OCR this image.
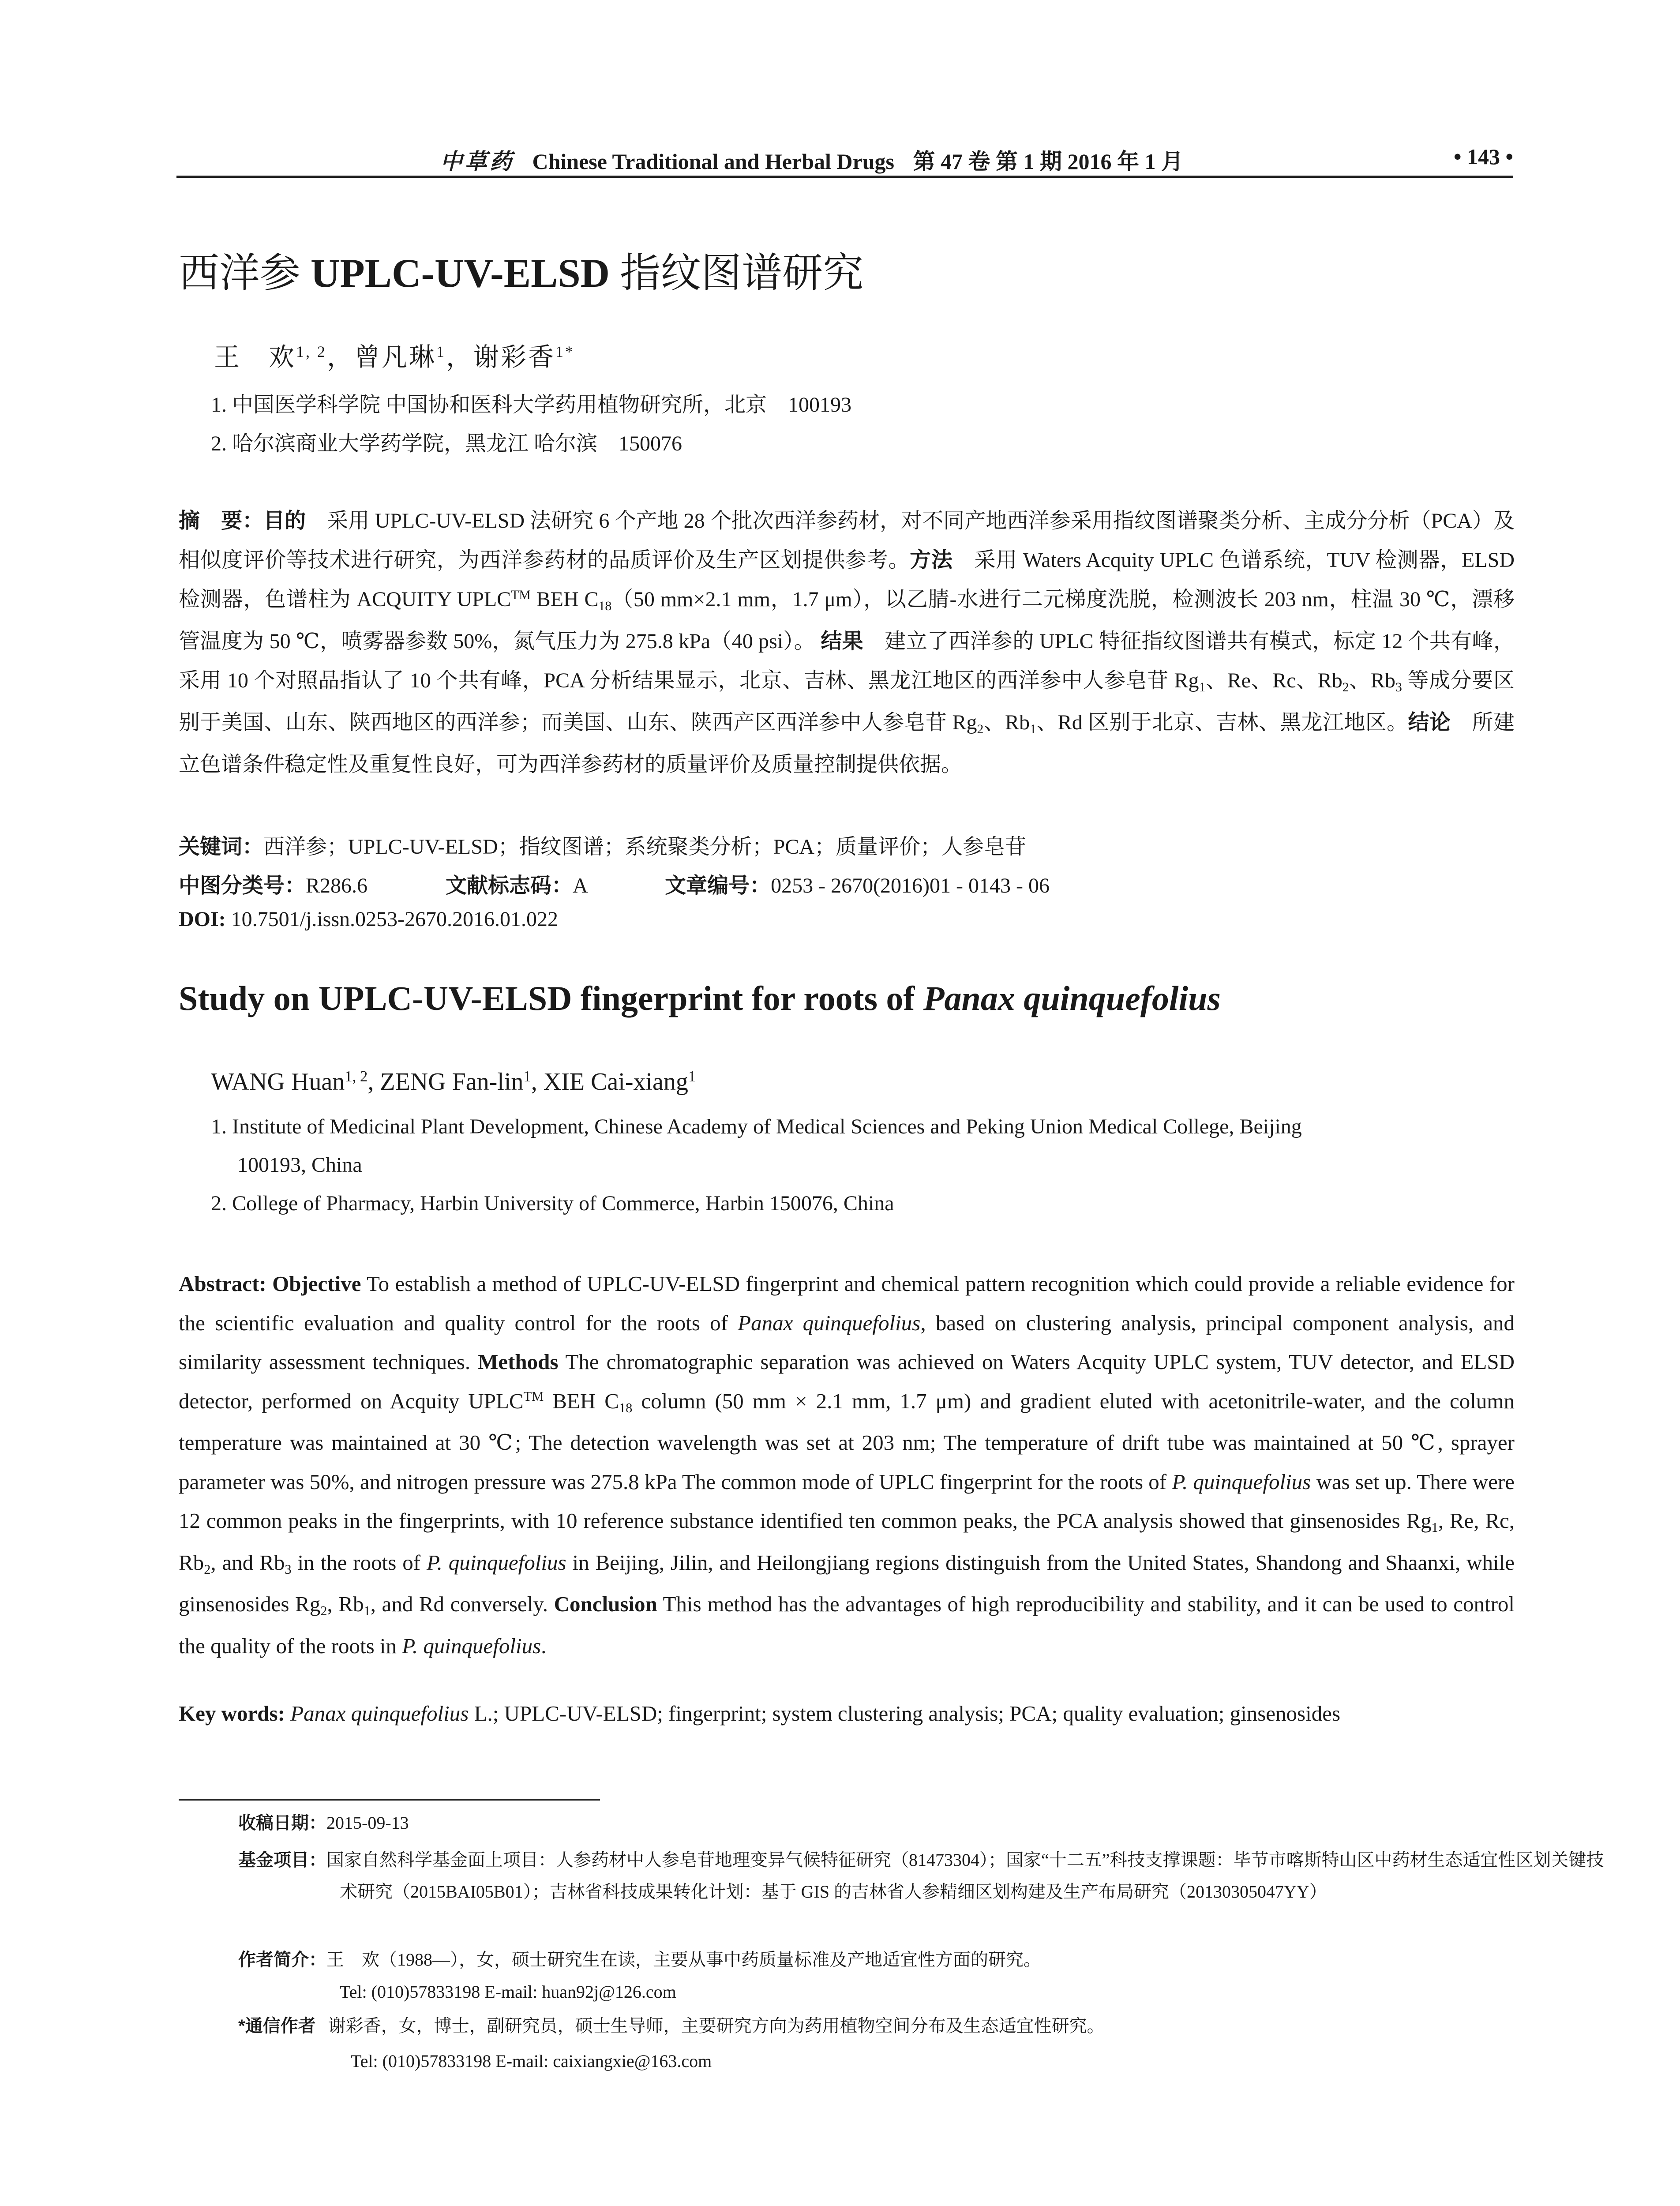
中草药 Chinese Traditional and Herbal Drugs 第 47 卷 第 1 期 2016 年 1 月	• 143 •
西洋参 UPLC-UV-ELSD 指纹图谱研究
王　欢$^{1, 2}$，曾凡琳$^1$，谢彩香$^{1*}$
1. 中国医学科学院 中国协和医科大学药用植物研究所，北京　100193
2. 哈尔滨商业大学药学院，黑龙江 哈尔滨　150076
摘　要：目的　采用 UPLC-UV-ELSD 法研究 6 个产地 28 个批次西洋参药材，对不同产地西洋参采用指纹图谱聚类分析、主成分分析（PCA）及相似度评价等技术进行研究，为西洋参药材的品质评价及生产区划提供参考。方法　采用 Waters Acquity UPLC 色谱系统，TUV 检测器，ELSD 检测器，色谱柱为 ACQUITY UPLC™ BEH $C_{18}(50$ mm×2.1 mm，1.7 μm），以乙腈-水进行二元梯度洗脱，检测波长 203 nm，柱温 30 ℃，漂移管温度为 50 ℃，喷雾器参数 50%，氮气压力为 275.8 kPa（40 psi）。 结果　建立了西洋参的 UPLC 特征指纹图谱共有模式，标定 12 个共有峰，采用 10 个对照品指认了 10 个共有峰，PCA 分析结果显示，北京、吉林、黑龙江地区的西洋参中人参皂苷 $Rg_1$、Re、Rc、$Rb_2$、$Rb_3$ 等成分要区别于美国、山东、陕西地区的西洋参；而美国、山东、陕西产区西洋参中人参皂苷 $Rg_2$、$Rb_1$、Rd 区别于北京、吉林、黑龙江地区。结论　所建立色谱条件稳定性及重复性良好，可为西洋参药材的质量评价及质量控制提供依据。
关键词：西洋参；UPLC-UV-ELSD；指纹图谱；系统聚类分析；PCA；质量评价；人参皂苷
中图分类号：R286.6	文献标志码：A	文章编号：0253 - 2670(2016)01 - 0143 - 06
DOI: 10.7501/j.issn.0253-2670.2016.01.022
Study on UPLC-UV-ELSD fingerprint for roots of Panax quinquefolius
WANG Huan$^{1, 2}$, ZENG Fan-lin$^1$, XIE Cai-xiang$^1$
1. Institute of Medicinal Plant Development, Chinese Academy of Medical Sciences and Peking Union Medical College, Beijing
100193, China
2. College of Pharmacy, Harbin University of Commerce, Harbin 150076, China
Abstract: Objective To establish a method of UPLC-UV-ELSD fingerprint and chemical pattern recognition which could provide a reliable evidence for the scientific evaluation and quality control for the roots of Panax quinquefolius, based on clustering analysis, principal component analysis, and similarity assessment techniques. Methods The chromatographic separation was achieved on Waters Acquity UPLC system, TUV detector, and ELSD detector, performed on Acquity UPLC™ BEH $C_{18}$ column (50 mm × 2.1 mm, 1.7 μm) and gradient eluted with acetonitrile-water, and the column temperature was maintained at 30 ℃; The detection wavelength was set at 203 nm; The temperature of drift tube was maintained at 50 ℃, sprayer parameter was 50%, and nitrogen pressure was 275.8 kPa The common mode of UPLC fingerprint for the roots of P. quinquefolius was set up. There were 12 common peaks in the fingerprints, with 10 reference substance identified ten common peaks, the PCA analysis showed that ginsenosides $Rg_1$, Re, Rc, $Rb_2$, and $Rb_3$ in the roots of P. quinquefolius in Beijing, Jilin, and Heilongjiang regions distinguish from the United States, Shandong and Shaanxi, while ginsenosides $Rg_2$, $Rb_1$, and Rd conversely. Conclusion This method has the advantages of high reproducibility and stability, and it can be used to control the quality of the roots in P. quinquefolius.
Key words: Panax quinquefolius L.; UPLC-UV-ELSD; fingerprint; system clustering analysis; PCA; quality evaluation; ginsenosides
收稿日期：2015-09-13
基金项目：国家自然科学基金面上项目：人参药材中人参皂苷地理变异气候特征研究（81473304）；国家“十二五”科技支撑课题：毕节市喀斯特山区中药材生态适宜性区划关键技术研究（2015BAI05B01）；吉林省科技成果转化计划：基于 GIS 的吉林省人参精细区划构建及生产布局研究（20130305047YY）
作者简介：王　欢（1988—），女，硕士研究生在读，主要从事中药质量标准及产地适宜性方面的研究。
Tel: (010)57833198 E-mail: huan92j@126.com
*通信作者 谢彩香，女，博士，副研究员，硕士生导师，主要研究方向为药用植物空间分布及生态适宜性研究。
Tel: (010)57833198 E-mail: caixiangxie@163.com
